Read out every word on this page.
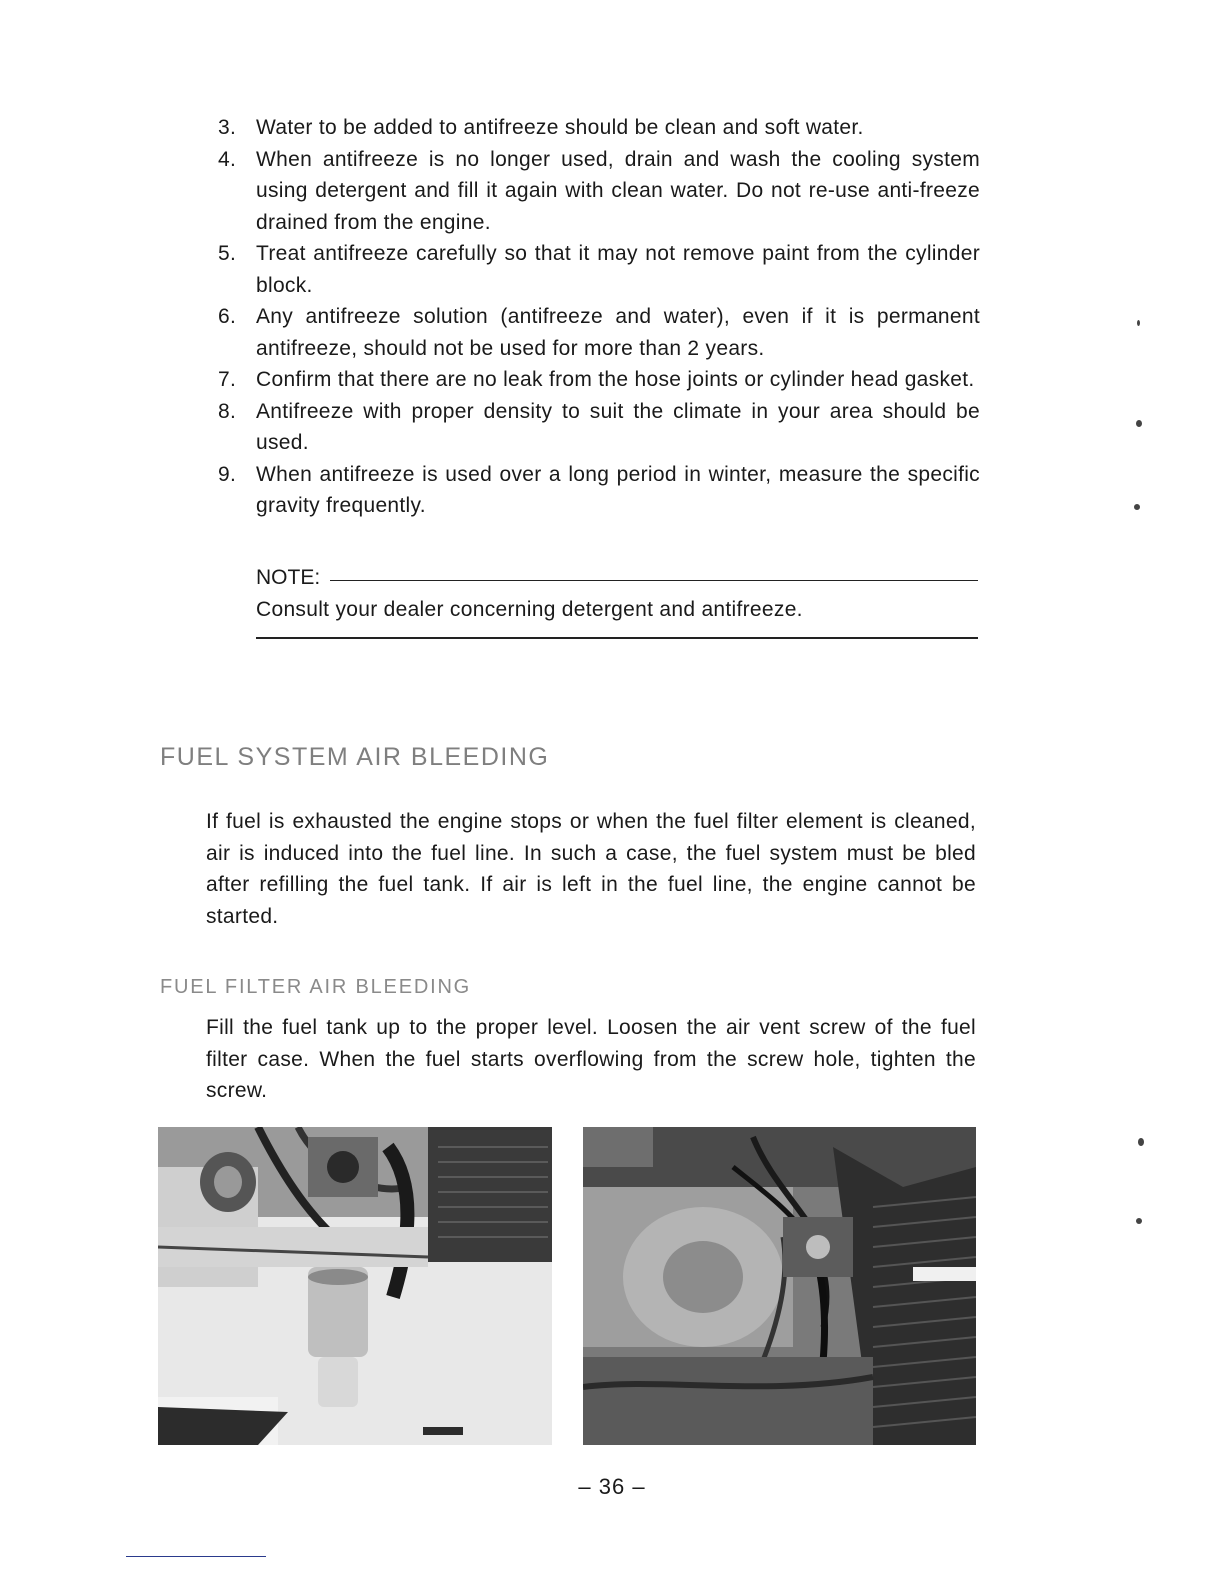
3. Water to be added to antifreeze should be clean and soft water.
4. When antifreeze is no longer used, drain and wash the cooling system using detergent and fill it again with clean water. Do not re-use anti-freeze drained from the engine.
5. Treat antifreeze carefully so that it may not remove paint from the cylinder block.
6. Any antifreeze solution (antifreeze and water), even if it is permanent antifreeze, should not be used for more than 2 years.
7. Confirm that there are no leak from the hose joints or cylinder head gasket.
8. Antifreeze with proper density to suit the climate in your area should be used.
9. When antifreeze is used over a long period in winter, measure the specific gravity frequently.
NOTE:
Consult your dealer concerning detergent and antifreeze.
FUEL SYSTEM AIR BLEEDING

If fuel is exhausted the engine stops or when the fuel filter element is cleaned, air is induced into the fuel line. In such a case, the fuel system must be bled after refilling the fuel tank. If air is left in the fuel line, the engine cannot be started.

FUEL FILTER AIR BLEEDING

Fill the fuel tank up to the proper level. Loosen the air vent screw of the fuel filter case. When the fuel starts overflowing from the screw hole, tighten the screw.

– 36 –
